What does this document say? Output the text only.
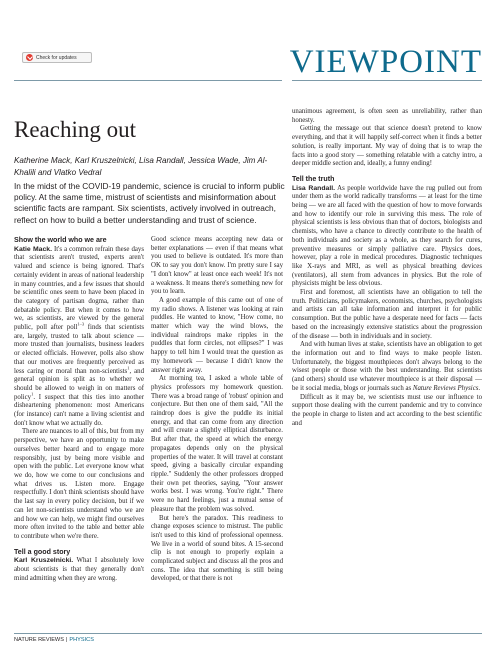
Check for updates	VIEWPOINT
Reaching out
Katherine Mack, Karl Kruszelnicki, Lisa Randall, Jessica Wade, Jim Al-Khalili and Vlatko Vedral
In the midst of the COVID-19 pandemic, science is crucial to inform public policy. At the same time, mistrust of scientists and misinformation about scientific facts are rampant. Six scientists, actively involved in outreach, reflect on how to build a better understanding and trust of science.
Show the world who we are

Katie Mack. It's a common refrain these days that scientists aren't trusted, experts aren't valued and science is being ignored. That's certainly evident in areas of national leadership in many countries, and a few issues that should be scientific ones seem to have been placed in the category of partisan dogma, rather than debatable policy. But when it comes to how we, as scientists, are viewed by the general public, poll after poll$^{1-3}$ finds that scientists are, largely, trusted to talk about science — more trusted than journalists, business leaders or elected officials. However, polls also show that our motives are frequently perceived as less caring or moral than non-scientists$^1$, and general opinion is split as to whether we should be allowed to weigh in on matters of policy$^1$. I suspect that this ties into another disheartening phenomenon: most Americans (for instance) can't name a living scientist and don't know what we actually do.

There are nuances to all of this, but from my perspective, we have an opportunity to make ourselves better heard and to engage more responsibly, just by being more visible and open with the public. Let everyone know what we do, how we come to our conclusions and what drives us. Listen more. Engage respectfully. I don't think scientists should have the last say in every policy decision, but if we can let non-scientists understand who we are and how we can help, we might find ourselves more often invited to the table and better able to contribute when we're there.

Tell a good story

Karl Kruszelnicki. What I absolutely love about scientists is that they generally don't mind admitting when they are wrong.

Good science means accepting new data or better explanations — even if that means what you used to believe is outdated. It's more than OK to say you don't know. I'm pretty sure I say "I don't know" at least once each week! It's not a weakness. It means there's something new for you to learn.

A good example of this came out of one of my radio shows. A listener was looking at rain puddles. He wanted to know, "How come, no matter which way the wind blows, the individual raindrops make ripples in the puddles that form circles, not ellipses?" I was happy to tell him I would treat the question as my homework — because I didn't know the answer right away.

At morning tea, I asked a whole table of physics professors my homework question. There was a broad range of 'robust' opinion and conjecture. But then one of them said, "All the raindrop does is give the puddle its initial energy, and that can come from any direction and will create a slightly elliptical disturbance. But after that, the speed at which the energy propagates depends only on the physical properties of the water. It will travel at constant speed, giving a basically circular expanding ripple." Suddenly the other professors dropped their own pet theories, saying, "Your answer works best. I was wrong. You're right." There were no hard feelings, just a mutual sense of pleasure that the problem was solved.

But here's the paradox. This readiness to change exposes science to mistrust. The public isn't used to this kind of professional openness. We live in a world of sound bites. A 15-second clip is not enough to properly explain a complicated subject and discuss all the pros and cons. The idea that something is still being developed, or that there is not

unanimous agreement, is often seen as unreliability, rather than honesty.

Getting the message out that science doesn't pretend to know everything, and that it will happily self-correct when it finds a better solution, is really important. My way of doing that is to wrap the facts into a good story — something relatable with a catchy intro, a deeper middle section and, ideally, a funny ending!

Tell the truth

Lisa Randall. As people worldwide have the rug pulled out from under them as the world radically transforms — at least for the time being — we are all faced with the question of how to move forwards and how to identify our role in surviving this mess. The role of physical scientists is less obvious than that of doctors, biologists and chemists, who have a chance to directly contribute to the health of both individuals and society as a whole, as they search for cures, preventive measures or simply palliative care. Physics does, however, play a role in medical procedures. Diagnostic techniques like X-rays and MRI, as well as physical breathing devices (ventilators), all stem from advances in physics. But the role of physicists might be less obvious.

First and foremost, all scientists have an obligation to tell the truth. Politicians, policymakers, economists, churches, psychologists and artists can all take information and interpret it for public consumption. But the public have a desperate need for facts — facts based on the increasingly extensive statistics about the progression of the disease — both in individuals and in society.

And with human lives at stake, scientists have an obligation to get the information out and to find ways to make people listen. Unfortunately, the biggest mouthpieces don't always belong to the wisest people or those with the best understanding. But scientists (and others) should use whatever mouthpiece is at their disposal — be it social media, blogs or journals such as Nature Reviews Physics.

Difficult as it may be, we scientists must use our influence to support those dealing with the current pandemic and try to convince the people in charge to listen and act according to the best scientific and

NATURE REVIEWS | PHYSICS
